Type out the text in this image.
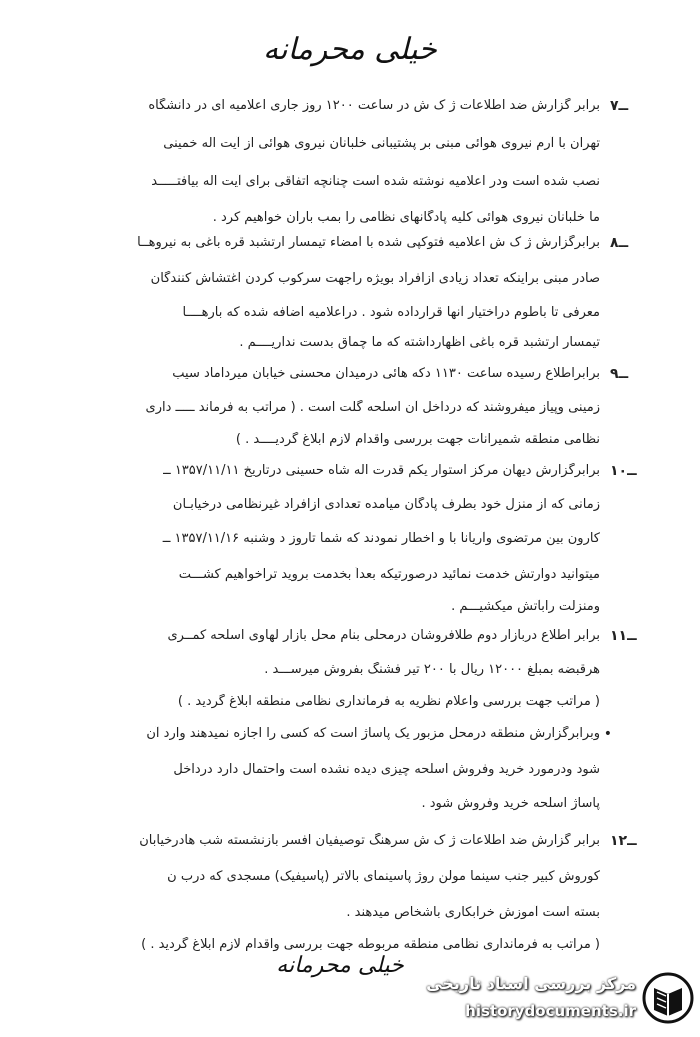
خیلی محرمانه
۷ــ
برابر گزارش ضد اطلاعات ژ ک ش در ساعت ۱۲۰۰ روز جاری اعلامیه ای در دانشگاه
تهران با آرم نیروی هوائی مبنی بر پشتیبانی خلبانان نیروی هوائی از آیت اله خمینی
نصب شده است ودر اعلامیه نوشته شده است چنانچه اتفاقی برای آیت اله بیافتـــــد
ما خلبانان نیروی هوائی کلیه پادگانهای نظامی را بمب باران خواهیم کرد .
۸ــ
برابرگزارش ژ ک ش اعلامیه فتوکپی شده با امضاء تیمسار ارتشبد قره باغی به نیروهــا
صادر مبنی براینکه تعداد زیادی ازافراد بویژه راجهت سرکوب کردن اغتشاش کنندگان
معرفی تا باطوم دراختیار آنها قرارداده شود . دراعلامیه اضافه شده که بارهــــا
تیمسار ارتشبد قره باغی اظهارداشته که ما چماق بدست نداریــــم .
۹ــ
برابراطلاع رسیده ساعت ۱۱۳۰ دکه هائی درمیدان محسنی خیابان میرداماد سیب
زمینی وپیاز میفروشند که درداخل آن اسلحه گلت است . ( مراتب به فرماند ـــــ داری
نظامی منطقه شمیرانات جهت بررسی واقدام لازم ابلاغ گردیــــد . )
۱۰ــ
برابرگزارش دیهان مرکز استوار یکم قدرت اله شاه حسینی درتاریخ ۱۳۵۷/۱۱/۱۱ ــ
زمانی که از منزل خود بطرف پادگان میآمده تعدادی ازافراد غیرنظامی درخیابـان
کارون بین مرتضوی وآریانا با و اخطار نمودند که شما تاروز د وشنبه ۱۳۵۷/۱۱/۱۶ ــ
میتوانید دوارتش خدمت نمائید درصورتیکه بعداً بخدمت بروید تراخواهیم کشـــت
ومنزلت رابآتش میکشیـــم .
۱۱ــ
برابر اطلاع دربازار دوم طلافروشان درمحلی بنام محل بازار لهاوی اسلحه کمــری
هرقبضه بمبلغ ۱۲۰۰۰ ریال با ۲۰۰ تیر فشنگ بفروش میرســـد .
( مراتب جهت بررسی واعلام نظریه به فرمانداری نظامی منطقه ابلاغ گردید . )
•
وبرابرگزارش منطقه درمحل مزبور یک پاساژ است که کسی را اجازه نمیدهند وارد آن
شود ودرمورد خرید وفروش اسلحه چیزی دیده نشده است واحتمال دارد درداخل
پاساژ اسلحه خرید وفروش شود .
۱۲ــ
برابر گزارش ضد اطلاعات ژ ک ش سرهنگ توصیفیان افسر بازنشسته شب هادرخیابان
کوروش کبیر جنب سینما مولن روژ پاسینمای بالاتر (پاسیفیک) مسجدی که درب ن
بسته است آموزش خرابکاری باشخاص میدهند .
( مراتب به فرمانداری نظامی منطقه مربوطه جهت بررسی واقدام لازم ابلاغ گردید . )
خیلی محرمانه
مرکز بررسی اسناد تاریخی
historydocuments.ir
